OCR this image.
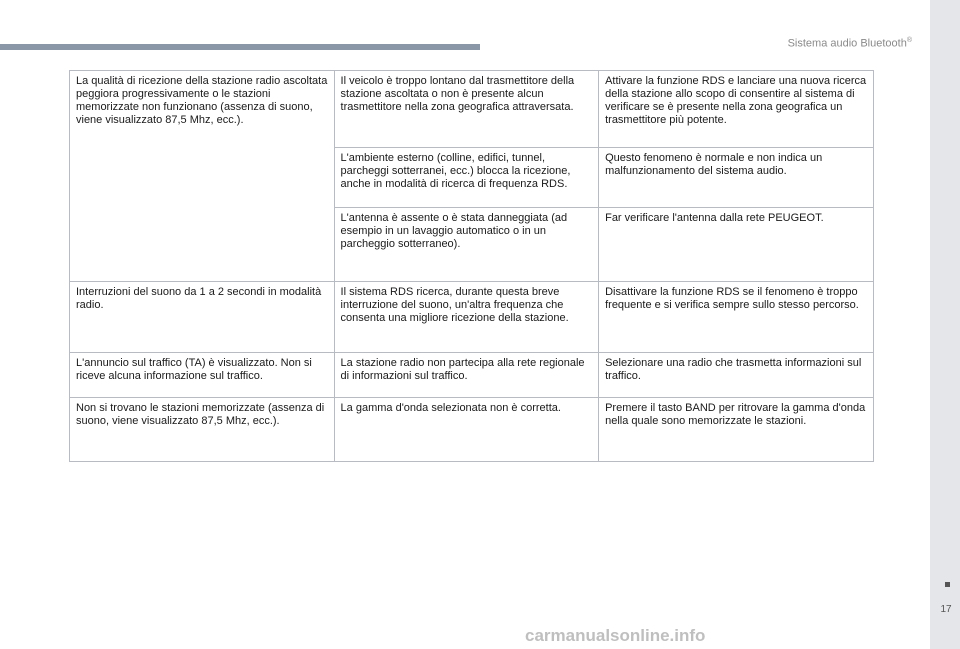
Sistema audio Bluetooth®
La qualità di ricezione della stazione radio ascoltata peggiora progressivamente o le stazioni memorizzate non funzionano (assenza di suono, viene visualizzato 87,5 Mhz, ecc.).	Il veicolo è troppo lontano dal trasmettitore della stazione ascoltata o non è presente alcun trasmettitore nella zona geografica attraversata.	Attivare la funzione RDS e lanciare una nuova ricerca della stazione allo scopo di consentire al sistema di verificare se è presente nella zona geografica un trasmettitore più potente.
	L'ambiente esterno (colline, edifici, tunnel, parcheggi sotterranei, ecc.) blocca la ricezione, anche in modalità di ricerca di frequenza RDS.	Questo fenomeno è normale e non indica un malfunzionamento del sistema audio.
	L'antenna è assente o è stata danneggiata (ad esempio in un lavaggio automatico o in un parcheggio sotterraneo).	Far verificare l'antenna dalla rete PEUGEOT.
Interruzioni del suono da 1 a 2 secondi in modalità radio.	Il sistema RDS ricerca, durante questa breve interruzione del suono, un'altra frequenza che consenta una migliore ricezione della stazione.	Disattivare la funzione RDS se il fenomeno è troppo frequente e si verifica sempre sullo stesso percorso.
L'annuncio sul traffico (TA) è visualizzato. Non si riceve alcuna informazione sul traffico.	La stazione radio non partecipa alla rete regionale di informazioni sul traffico.	Selezionare una radio che trasmetta informazioni sul traffico.
Non si trovano le stazioni memorizzate (assenza di suono, viene visualizzato 87,5 Mhz, ecc.).	La gamma d'onda selezionata non è corretta.	Premere il tasto BAND per ritrovare la gamma d'onda nella quale sono memorizzate le stazioni.
17
carmanualsonline.info
